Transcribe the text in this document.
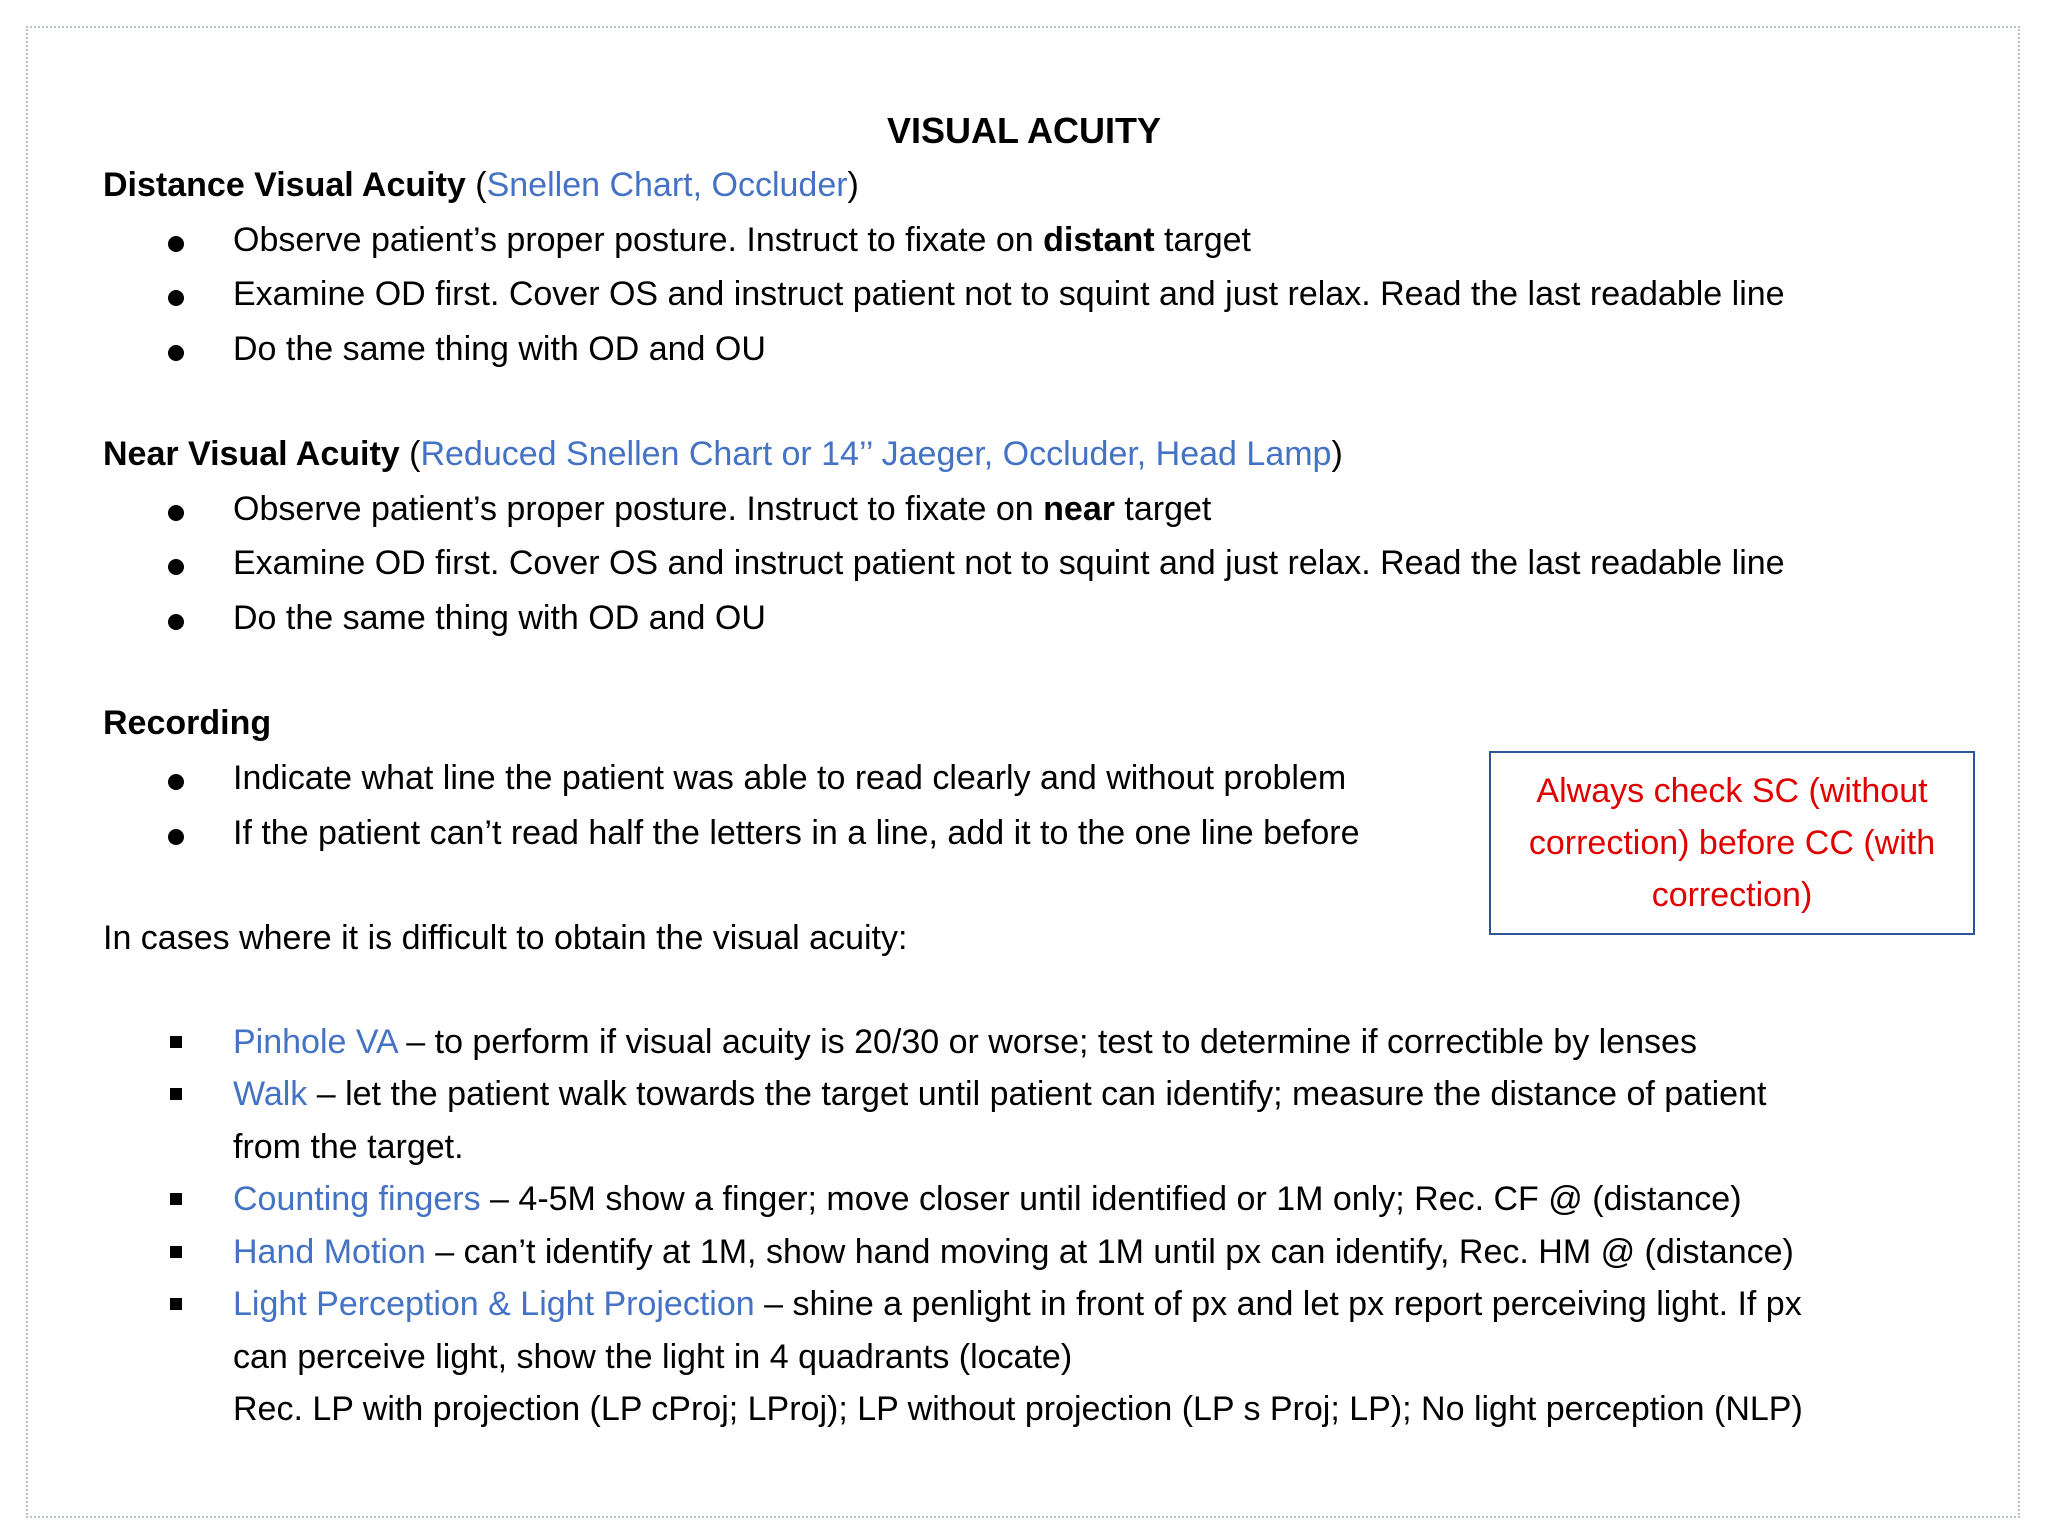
VISUAL ACUITY
Distance Visual Acuity (Snellen Chart, Occluder)
Observe patient’s proper posture. Instruct to fixate on distant target
Examine OD first. Cover OS and instruct patient not to squint and just relax. Read the last readable line
Do the same thing with OD and OU
Near Visual Acuity (Reduced Snellen Chart or 14’’ Jaeger, Occluder, Head Lamp)
Observe patient’s proper posture. Instruct to fixate on near target
Examine OD first. Cover OS and instruct patient not to squint and just relax. Read the last readable line
Do the same thing with OD and OU
Recording
Indicate what line the patient was able to read clearly and without problem
If the patient can’t read half the letters in a line, add it to the one line before
Always check SC (without correction) before CC (with correction)
In cases where it is difficult to obtain the visual acuity:
Pinhole VA – to perform if visual acuity is 20/30 or worse; test to determine if correctible by lenses
Walk – let the patient walk towards the target until patient can identify; measure the distance of patient
from the target.
Counting fingers – 4-5M show a finger; move closer until identified or 1M only; Rec. CF @ (distance)
Hand Motion – can’t identify at 1M, show hand moving at 1M until px can identify, Rec. HM @ (distance)
Light Perception & Light Projection – shine a penlight in front of px and let px report perceiving light. If px
can perceive light, show the light in 4 quadrants (locate)
Rec. LP with projection (LP cProj; LProj); LP without projection (LP s Proj; LP); No light perception (NLP)
